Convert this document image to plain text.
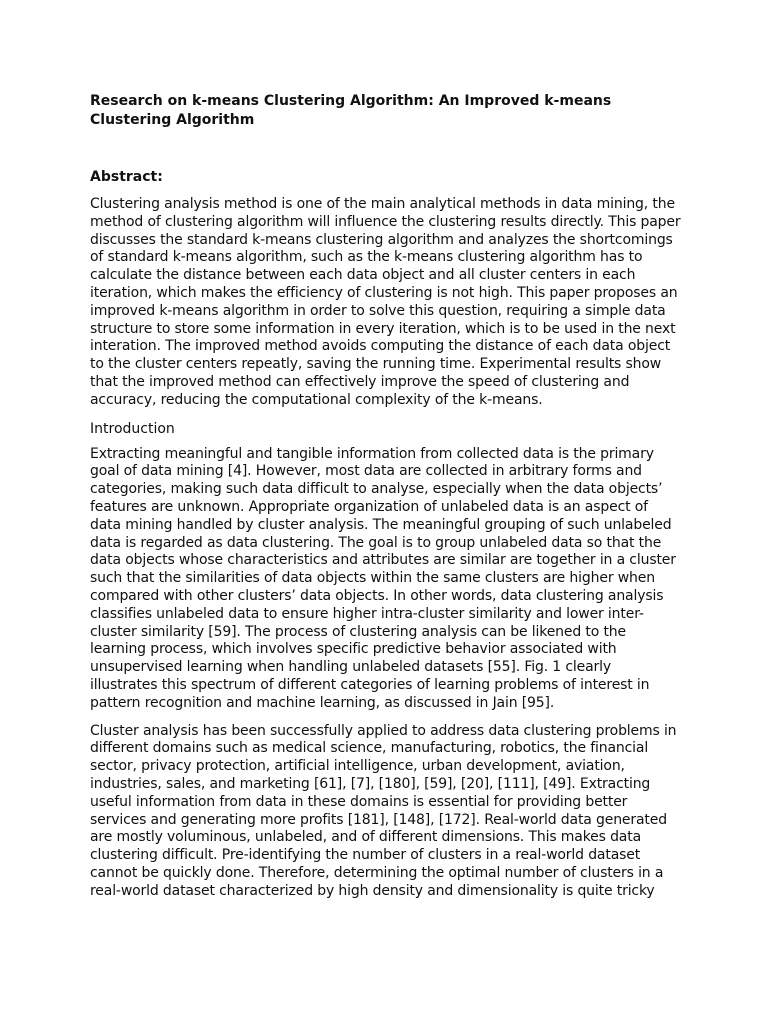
Research on k-means Clustering Algorithm: An Improved k-means Clustering Algorithm
Abstract:

Clustering analysis method is one of the main analytical methods in data mining, the method of clustering algorithm will influence the clustering results directly. This paper discusses the standard k-means clustering algorithm and analyzes the shortcomings of standard k-means algorithm, such as the k-means clustering algorithm has to calculate the distance between each data object and all cluster centers in each iteration, which makes the efficiency of clustering is not high. This paper proposes an improved k-means algorithm in order to solve this question, requiring a simple data structure to store some information in every iteration, which is to be used in the next interation. The improved method avoids computing the distance of each data object to the cluster centers repeatly, saving the running time. Experimental results show that the improved method can effectively improve the speed of clustering and accuracy, reducing the computational complexity of the k-means.

Introduction

Extracting meaningful and tangible information from collected data is the primary goal of data mining [4]. However, most data are collected in arbitrary forms and categories, making such data difficult to analyse, especially when the data objects’ features are unknown. Appropriate organization of unlabeled data is an aspect of data mining handled by cluster analysis. The meaningful grouping of such unlabeled data is regarded as data clustering. The goal is to group unlabeled data so that the data objects whose characteristics and attributes are similar are together in a cluster such that the similarities of data objects within the same clusters are higher when compared with other clusters’ data objects. In other words, data clustering analysis classifies unlabeled data to ensure higher intra-cluster similarity and lower inter-cluster similarity [59]. The process of clustering analysis can be likened to the learning process, which involves specific predictive behavior associated with unsupervised learning when handling unlabeled datasets [55]. Fig. 1 clearly illustrates this spectrum of different categories of learning problems of interest in pattern recognition and machine learning, as discussed in Jain [95].

Cluster analysis has been successfully applied to address data clustering problems in different domains such as medical science, manufacturing, robotics, the financial sector, privacy protection, artificial intelligence, urban development, aviation, industries, sales, and marketing [61], [7], [180], [59], [20], [111], [49]. Extracting useful information from data in these domains is essential for providing better services and generating more profits [181], [148], [172]. Real-world data generated are mostly voluminous, unlabeled, and of different dimensions. This makes data clustering difficult. Pre-identifying the number of clusters in a real-world dataset cannot be quickly done. Therefore, determining the optimal number of clusters in a real-world dataset characterized by high density and dimensionality is quite tricky
